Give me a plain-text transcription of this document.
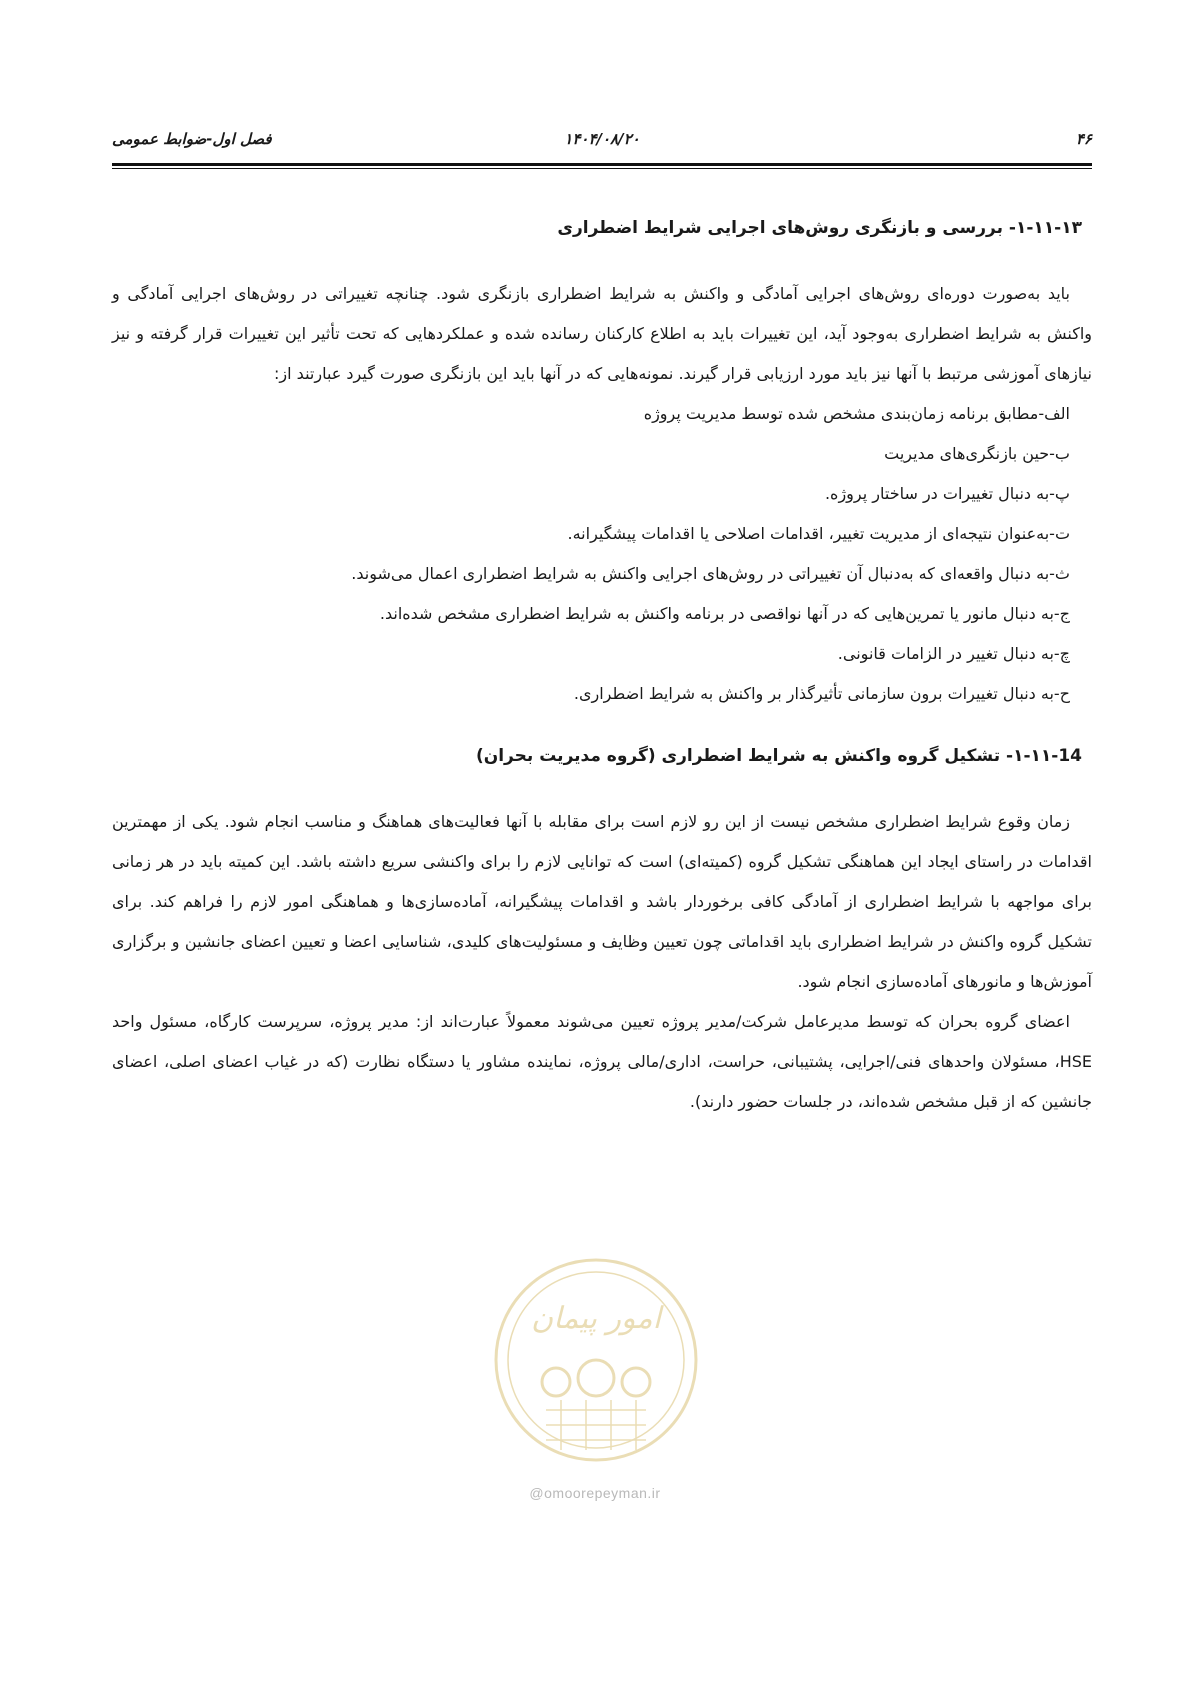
۴۶
۱۴۰۴/۰۸/۲۰
فصل اول-ضوابط عمومی
۱-۱۱-۱۳- بررسی و بازنگری روش‌های اجرایی شرایط اضطراری

باید به‌صورت دوره‌ای روش‌های اجرایی آمادگی و واکنش به شرایط اضطراری بازنگری شود. چنانچه تغییراتی در روش‌های اجرایی آمادگی و واکنش به شرایط اضطراری به‌وجود آید، این تغییرات باید به اطلاع کارکنان رسانده شده و عملکردهایی که تحت تأثیر این تغییرات قرار گرفته و نیز نیازهای آموزشی مرتبط با آنها نیز باید مورد ارزیابی قرار گیرند. نمونه‌هایی که در آنها باید این بازنگری صورت گیرد عبارتند از:

الف-مطابق برنامه زمان‌بندی مشخص شده توسط مدیریت پروژه
ب-حین بازنگری‌های مدیریت
پ-به دنبال تغییرات در ساختار پروژه.
ت-به‌عنوان نتیجه‌ای از مدیریت تغییر، اقدامات اصلاحی یا اقدامات پیشگیرانه.
ث-به دنبال واقعه‌ای که به‌دنبال آن تغییراتی در روش‌های اجرایی واکنش به شرایط اضطراری اعمال می‌شوند.
ج-به دنبال مانور یا تمرین‌هایی که در آنها نواقصی در برنامه واکنش به شرایط اضطراری مشخص شده‌اند.
چ-به دنبال تغییر در الزامات قانونی.
ح-به دنبال تغییرات برون سازمانی تأثیرگذار بر واکنش به شرایط اضطراری.
۱-۱۱-14- تشکیل گروه واکنش به شرایط اضطراری (گروه مدیریت بحران)

زمان وقوع شرایط اضطراری مشخص نیست از این رو لازم است برای مقابله با آنها فعالیت‌های هماهنگ و مناسب انجام شود. یکی از مهمترین اقدامات در راستای ایجاد این هماهنگی تشکیل گروه (کمیته‌ای) است که توانایی لازم را برای واکنشی سریع داشته باشد. این کمیته باید در هر زمانی برای مواجهه با شرایط اضطراری از آمادگی کافی برخوردار باشد و اقدامات پیشگیرانه، آماده‌سازی‌ها و هماهنگی امور لازم را فراهم کند. برای تشکیل گروه واکنش در شرایط اضطراری باید اقداماتی چون تعیین وظایف و مسئولیت‌های کلیدی، شناسایی اعضا و تعیین اعضای جانشین و برگزاری آموزش‌ها و مانورهای آماده‌سازی انجام شود.

اعضای گروه بحران که توسط مدیرعامل شرکت/مدیر پروژه تعیین می‌شوند معمولاً عبارت‌اند از: مدیر پروژه، سرپرست کارگاه، مسئول واحد HSE، مسئولان واحدهای فنی/اجرایی، پشتیبانی، حراست، اداری/مالی پروژه، نماینده مشاور یا دستگاه نظارت (که در غیاب اعضای اصلی، اعضای جانشین که از قبل مشخص شده‌اند، در جلسات حضور دارند).

امور پیمان
@omoorepeyman.ir
